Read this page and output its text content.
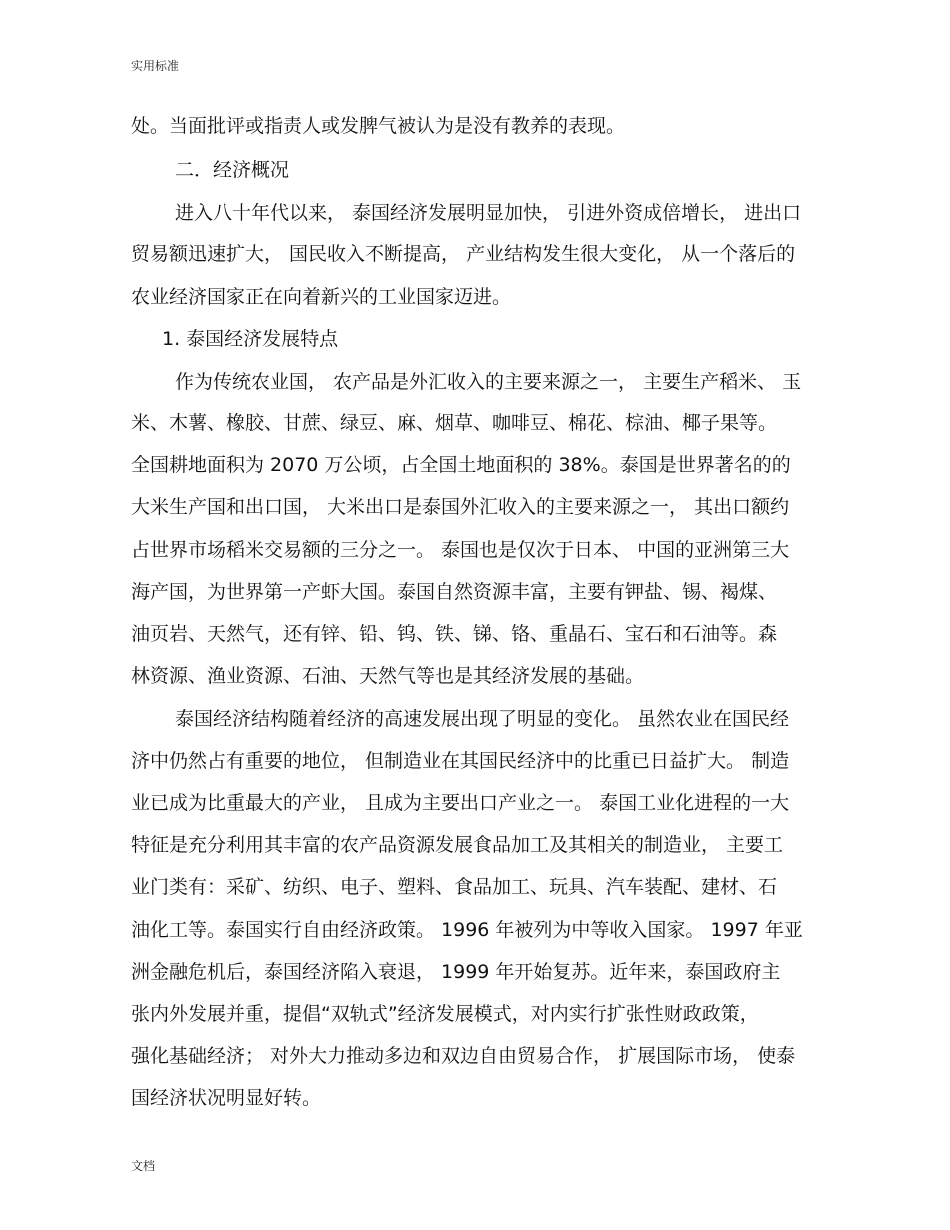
实用标准
处。当面批评或指责人或发脾气被认为是没有教养的表现。
二．经济概况
进入八十年代以来， 泰国经济发展明显加快， 引进外资成倍增长， 进出口
贸易额迅速扩大， 国民收入不断提高， 产业结构发生很大变化， 从一个落后的
农业经济国家正在向着新兴的工业国家迈进。
1. 泰国经济发展特点
作为传统农业国， 农产品是外汇收入的主要来源之一， 主要生产稻米、 玉
米、木薯、橡胶、甘蔗、绿豆、麻、烟草、咖啡豆、棉花、棕油、椰子果等。
全国耕地面积为 2070 万公顷，占全国土地面积的 38%。泰国是世界著名的的
大米生产国和出口国， 大米出口是泰国外汇收入的主要来源之一， 其出口额约
占世界市场稻米交易额的三分之一。 泰国也是仅次于日本、 中国的亚洲第三大
海产国，为世界第一产虾大国。泰国自然资源丰富，主要有钾盐、锡、褐煤、
油页岩、天然气，还有锌、铅、钨、铁、锑、铬、重晶石、宝石和石油等。森
林资源、渔业资源、石油、天然气等也是其经济发展的基础。
泰国经济结构随着经济的高速发展出现了明显的变化。 虽然农业在国民经
济中仍然占有重要的地位， 但制造业在其国民经济中的比重已日益扩大。 制造
业已成为比重最大的产业， 且成为主要出口产业之一。 泰国工业化进程的一大
特征是充分利用其丰富的农产品资源发展食品加工及其相关的制造业， 主要工
业门类有：采矿、纺织、电子、塑料、食品加工、玩具、汽车装配、建材、石
油化工等。泰国实行自由经济政策。 1996 年被列为中等收入国家。 1997 年亚
洲金融危机后，泰国经济陷入衰退， 1999 年开始复苏。近年来，泰国政府主
张内外发展并重，提倡“双轨式”经济发展模式，对内实行扩张性财政政策，
强化基础经济； 对外大力推动多边和双边自由贸易合作， 扩展国际市场， 使泰
国经济状况明显好转。
文档
